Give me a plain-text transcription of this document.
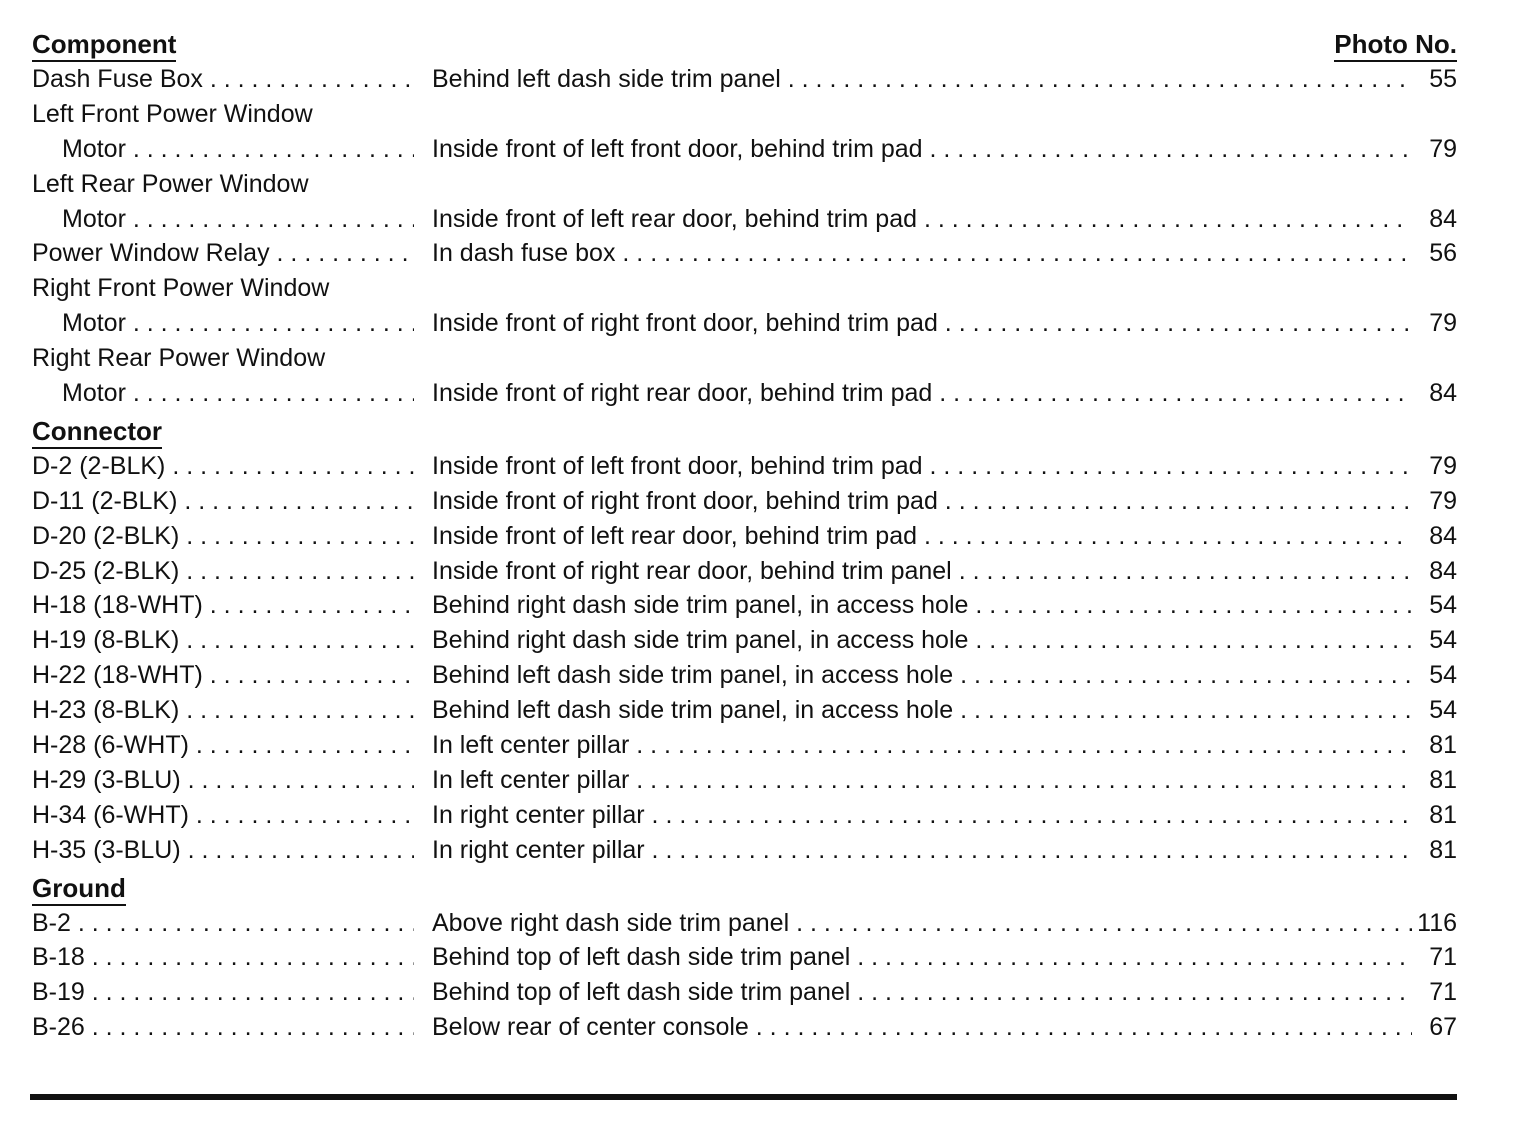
Component	Photo No.
Dash Fuse Box . . .	Behind left dash side trim panel . . .	55
Left Front Power Window
Motor . . .	Inside front of left front door, behind trim pad . . .	79
Left Rear Power Window
Motor . . .	Inside front of left rear door, behind trim pad . . .	84
Power Window Relay . . .	In dash fuse box . . .	56
Right Front Power Window
Motor . . .	Inside front of right front door, behind trim pad . . .	79
Right Rear Power Window
Motor . . .	Inside front of right rear door, behind trim pad . . .	84
Connector
D-2 (2-BLK) . . .	Inside front of left front door, behind trim pad . . .	79
D-11 (2-BLK) . . .	Inside front of right front door, behind trim pad . . .	79
D-20 (2-BLK) . . .	Inside front of left rear door, behind trim pad . . .	84
D-25 (2-BLK) . . .	Inside front of right rear door, behind trim panel . . .	84
H-18 (18-WHT) . . .	Behind right dash side trim panel, in access hole . . .	54
H-19 (8-BLK) . . .	Behind right dash side trim panel, in access hole . . .	54
H-22 (18-WHT) . . .	Behind left dash side trim panel, in access hole . . .	54
H-23 (8-BLK) . . .	Behind left dash side trim panel, in access hole . . .	54
H-28 (6-WHT) . . .	In left center pillar . . .	81
H-29 (3-BLU) . . .	In left center pillar . . .	81
H-34 (6-WHT) . . .	In right center pillar . . .	81
H-35 (3-BLU) . . .	In right center pillar . . .	81
Ground
B-2 . . .	Above right dash side trim panel . . .	116
B-18 . . .	Behind top of left dash side trim panel . . .	71
B-19 . . .	Behind top of left dash side trim panel . . .	71
B-26 . . .	Below rear of center console . . .	67
